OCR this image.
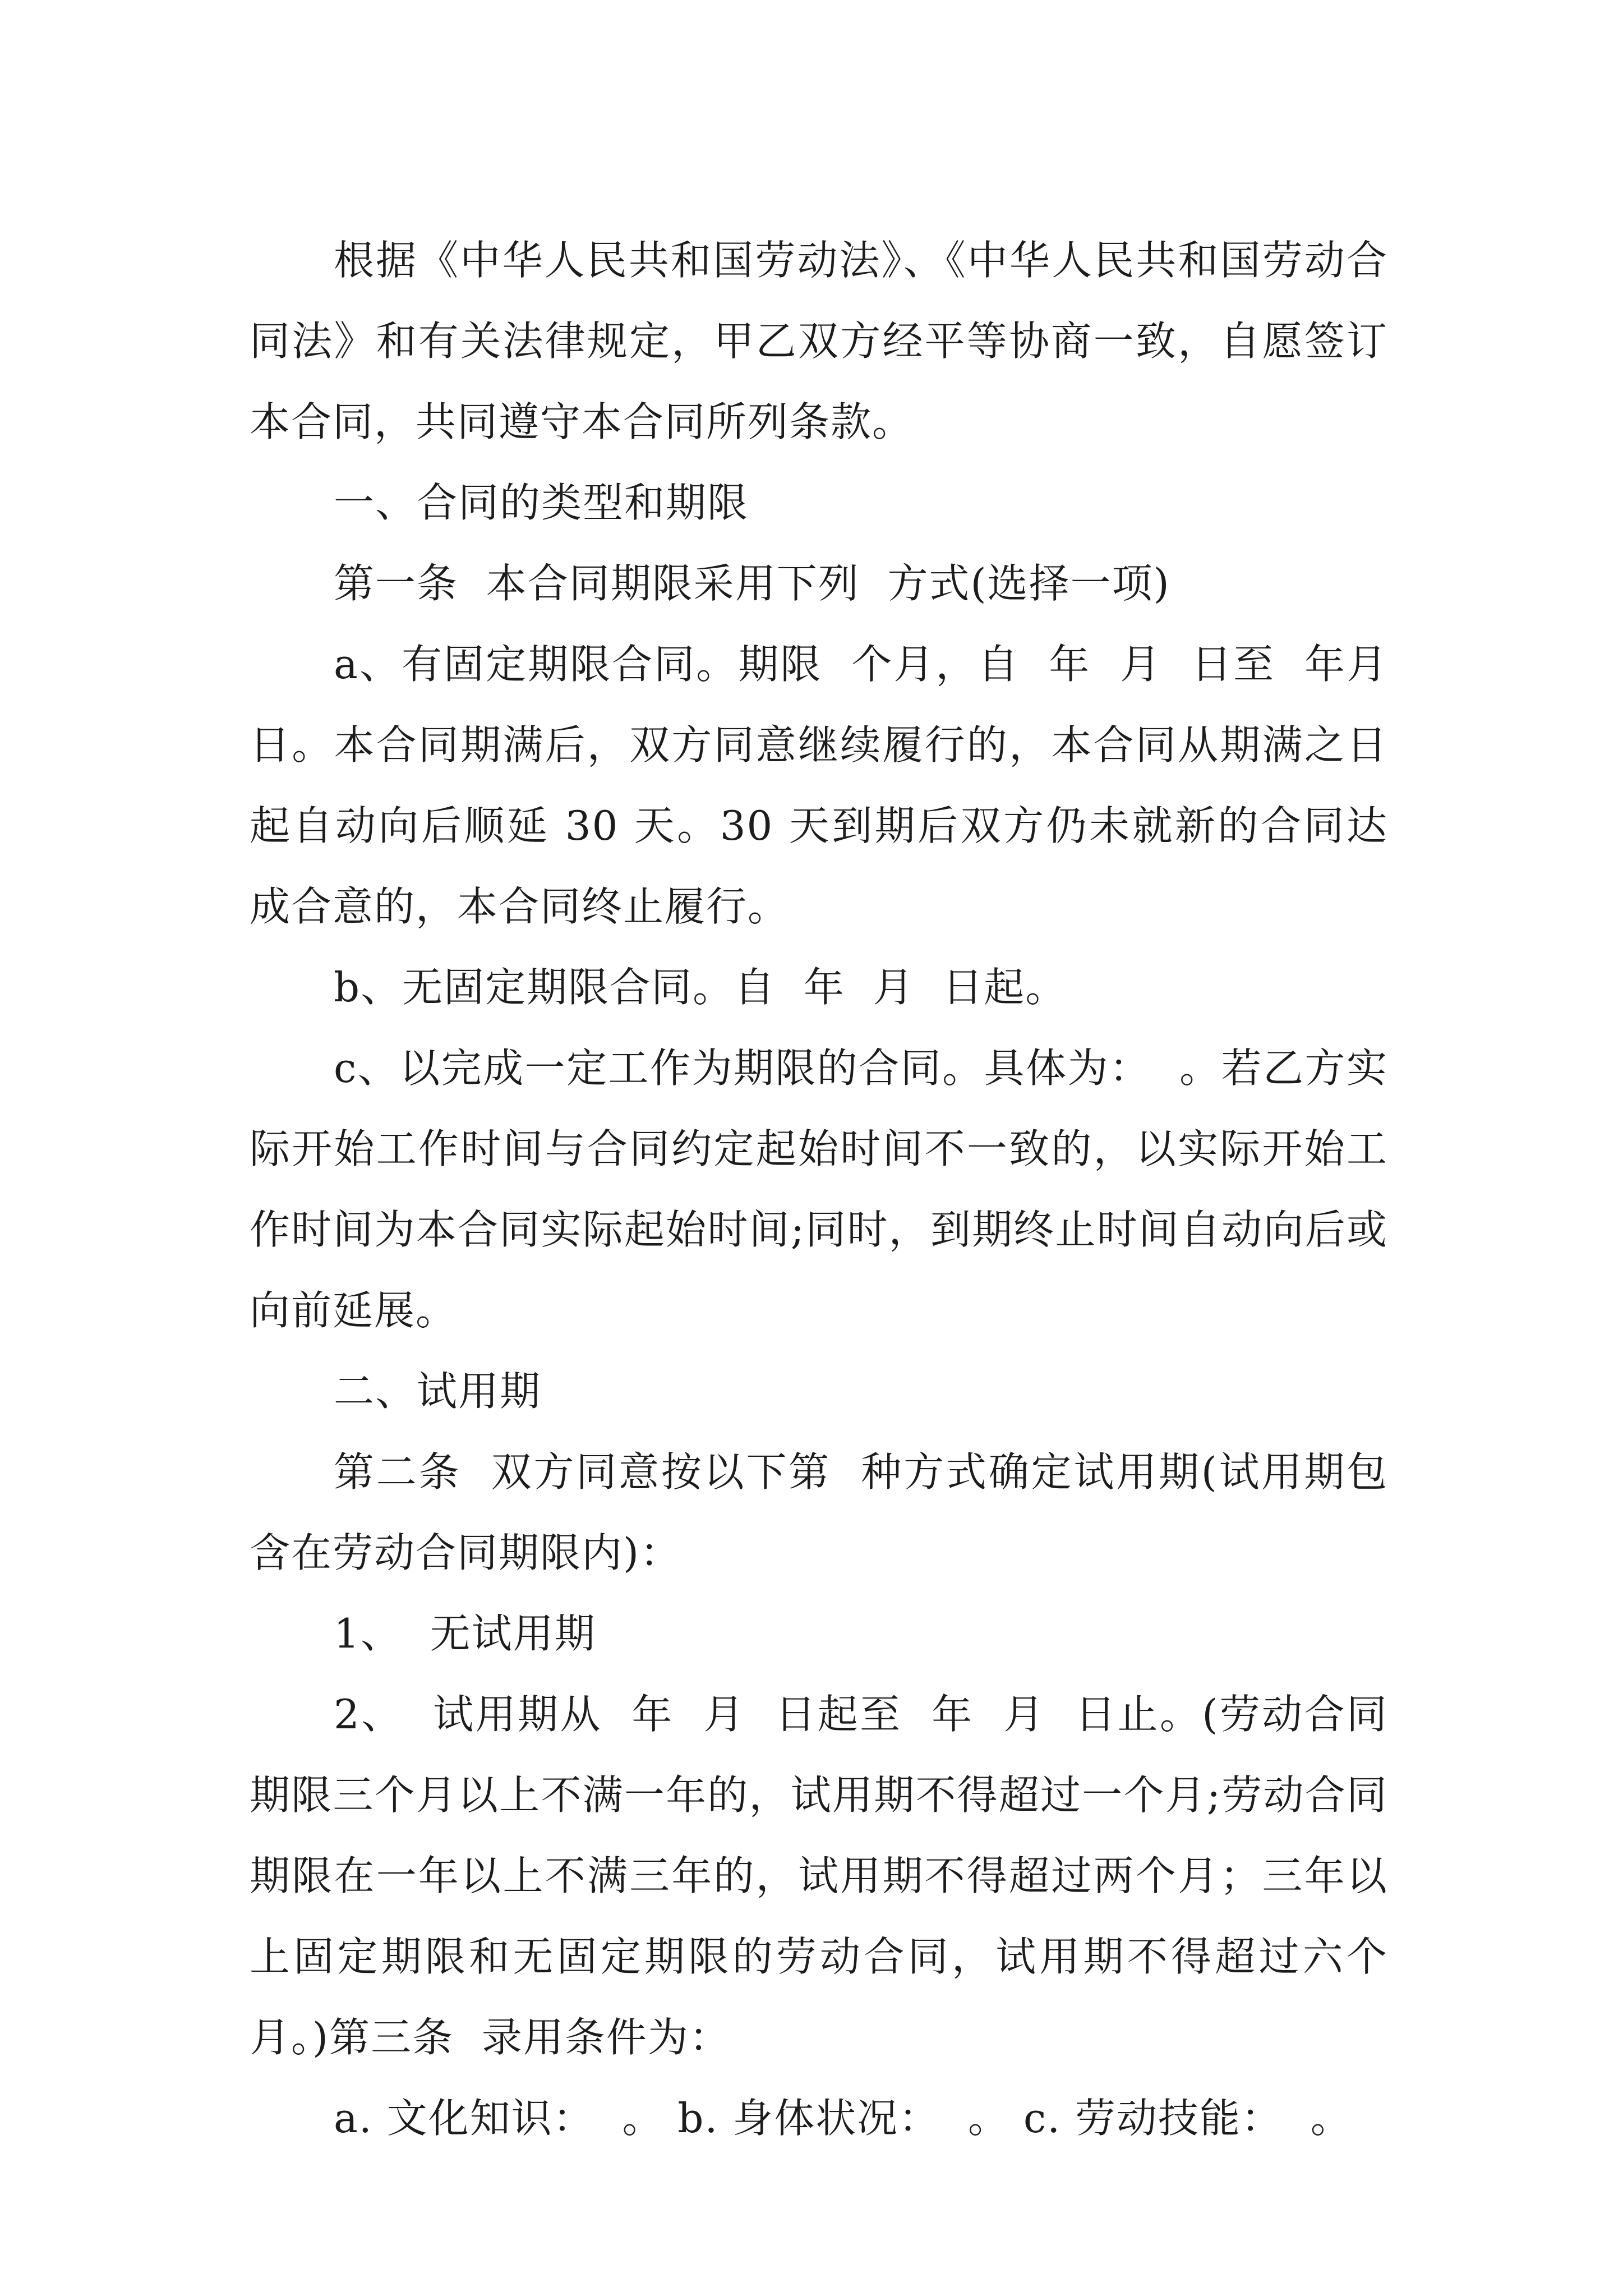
根据《中华人民共和国劳动法》、《中华人民共和国劳动合同法》和有关法律规定，甲乙双方经平等协商一致，自愿签订本合同，共同遵守本合同所列条款。

一、合同的类型和期限

第一条  本合同期限采用下列  方式(选择一项)

a、有固定期限合同。期限  个月，自  年  月  日至  年月日。本合同期满后，双方同意继续履行的，本合同从期满之日起自动向后顺延 30 天。30 天到期后双方仍未就新的合同达成合意的，本合同终止履行。

b、无固定期限合同。自  年  月  日起。

c、以完成一定工作为期限的合同。具体为：  。若乙方实际开始工作时间与合同约定起始时间不一致的，以实际开始工作时间为本合同实际起始时间;同时，到期终止时间自动向后或向前延展。

二、试用期

第二条  双方同意按以下第  种方式确定试用期(试用期包含在劳动合同期限内)：

1、  无试用期

2、  试用期从  年  月  日起至  年  月  日止。(劳动合同期限三个月以上不满一年的，试用期不得超过一个月;劳动合同期限在一年以上不满三年的，试用期不得超过两个月；三年以上固定期限和无固定期限的劳动合同，试用期不得超过六个月。)第三条  录用条件为：

a. 文化知识：  。 b. 身体状况：  。 c. 劳动技能：  。
